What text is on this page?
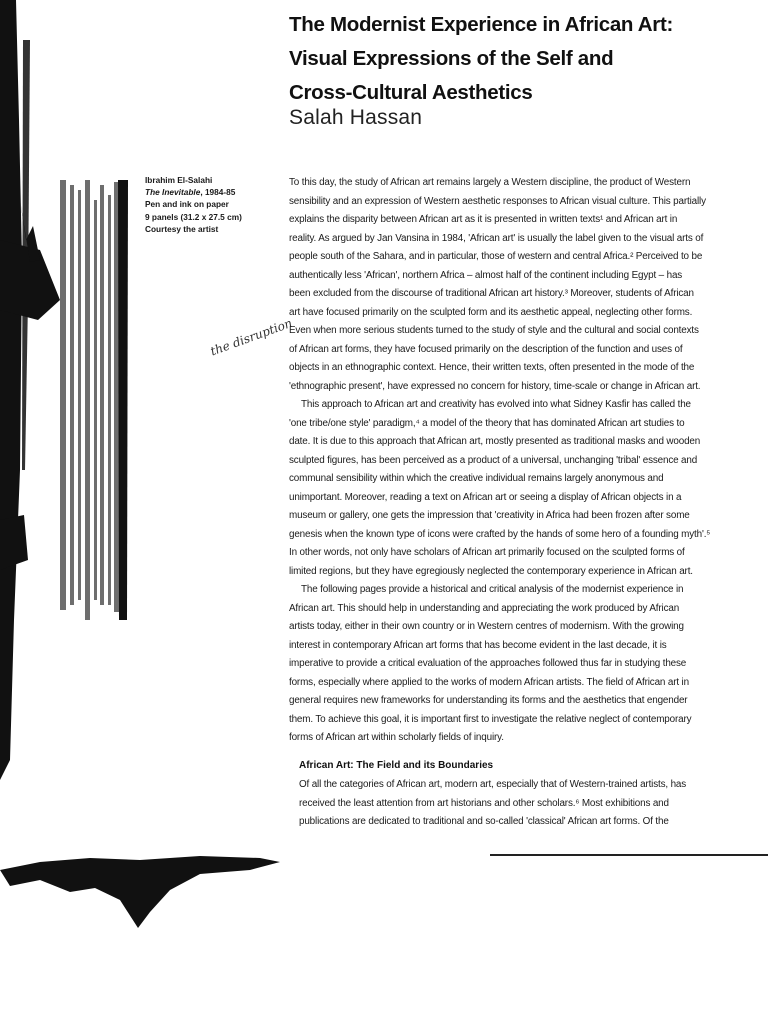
The Modernist Experience in African Art:
Visual Expressions of the Self and
Cross-Cultural Aesthetics
Salah Hassan
Ibrahim El-Salahi
The Inevitable, 1984-85
Pen and ink on paper
9 panels (31.2 x 27.5 cm)
Courtesy the artist
the disruption
To this day, the study of African art remains largely a Western discipline, the product of Western
sensibility and an expression of Western aesthetic responses to African visual culture. This partially
explains the disparity between African art as it is presented in written texts¹ and African art in
reality. As argued by Jan Vansina in 1984, 'African art' is usually the label given to the visual arts of
people south of the Sahara, and in particular, those of western and central Africa.² Perceived to be
authentically less 'African', northern Africa – almost half of the continent including Egypt – has
been excluded from the discourse of traditional African art history.³ Moreover, students of African
art have focused primarily on the sculpted form and its aesthetic appeal, neglecting other forms.
Even when more serious students turned to the study of style and the cultural and social contexts
of African art forms, they have focused primarily on the description of the function and uses of
objects in an ethnographic context. Hence, their written texts, often presented in the mode of the
'ethnographic present', have expressed no concern for history, time-scale or change in African art.
This approach to African art and creativity has evolved into what Sidney Kasfir has called the
'one tribe/one style' paradigm,⁴ a model of the theory that has dominated African art studies to
date. It is due to this approach that African art, mostly presented as traditional masks and wooden
sculpted figures, has been perceived as a product of a universal, unchanging 'tribal' essence and
communal sensibility within which the creative individual remains largely anonymous and
unimportant. Moreover, reading a text on African art or seeing a display of African objects in a
museum or gallery, one gets the impression that 'creativity in Africa had been frozen after some
genesis when the known type of icons were crafted by the hands of some hero of a founding myth'.⁵
In other words, not only have scholars of African art primarily focused on the sculpted forms of
limited regions, but they have egregiously neglected the contemporary experience in African art.
The following pages provide a historical and critical analysis of the modernist experience in
African art. This should help in understanding and appreciating the work produced by African
artists today, either in their own country or in Western centres of modernism. With the growing
interest in contemporary African art forms that has become evident in the last decade, it is
imperative to provide a critical evaluation of the approaches followed thus far in studying these
forms, especially where applied to the works of modern African artists. The field of African art in
general requires new frameworks for understanding its forms and the aesthetics that engender
them. To achieve this goal, it is important first to investigate the relative neglect of contemporary
forms of African art within scholarly fields of inquiry.
African Art: The Field and its Boundaries
Of all the categories of African art, modern art, especially that of Western-trained artists, has
received the least attention from art historians and other scholars.⁶ Most exhibitions and
publications are dedicated to traditional and so-called 'classical' African art forms. Of the
